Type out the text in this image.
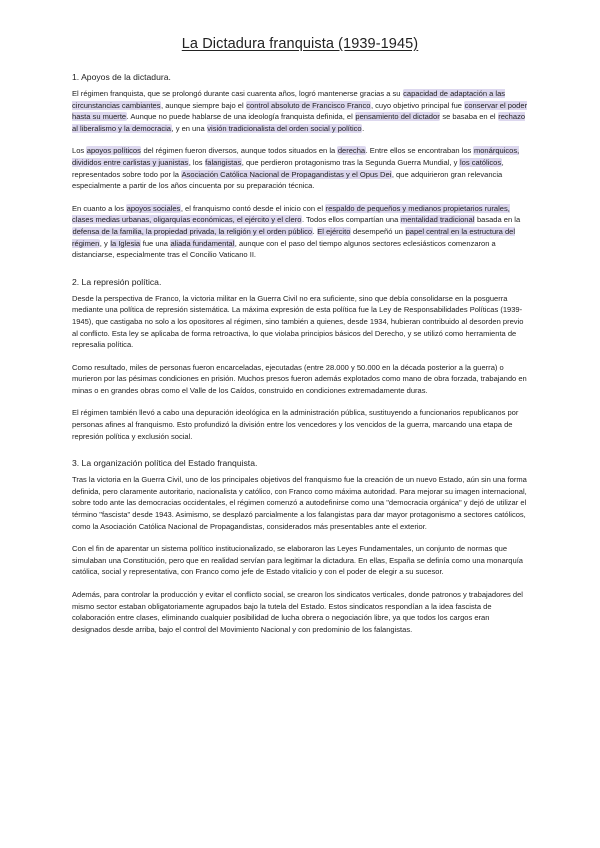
La Dictadura franquista (1939-1945)
1. Apoyos de la dictadura.

El régimen franquista, que se prolongó durante casi cuarenta años, logró mantenerse gracias a su capacidad de adaptación a las circunstancias cambiantes, aunque siempre bajo el control absoluto de Francisco Franco, cuyo objetivo principal fue conservar el poder hasta su muerte. Aunque no puede hablarse de una ideología franquista definida, el pensamiento del dictador se basaba en el rechazo al liberalismo y la democracia, y en una visión tradicionalista del orden social y político.

Los apoyos políticos del régimen fueron diversos, aunque todos situados en la derecha. Entre ellos se encontraban los monárquicos, divididos entre carlistas y juanistas, los falangistas, que perdieron protagonismo tras la Segunda Guerra Mundial, y los católicos, representados sobre todo por la Asociación Católica Nacional de Propagandistas y el Opus Dei, que adquirieron gran relevancia especialmente a partir de los años cincuenta por su preparación técnica.

En cuanto a los apoyos sociales, el franquismo contó desde el inicio con el respaldo de pequeños y medianos propietarios rurales, clases medias urbanas, oligarquías económicas, el ejército y el clero. Todos ellos compartían una mentalidad tradicional basada en la defensa de la familia, la propiedad privada, la religión y el orden público. El ejército desempeñó un papel central en la estructura del régimen, y la Iglesia fue una aliada fundamental, aunque con el paso del tiempo algunos sectores eclesiásticos comenzaron a distanciarse, especialmente tras el Concilio Vaticano II.

2. La represión política.

Desde la perspectiva de Franco, la victoria militar en la Guerra Civil no era suficiente, sino que debía consolidarse en la posguerra mediante una política de represión sistemática. La máxima expresión de esta política fue la Ley de Responsabilidades Políticas (1939-1945), que castigaba no solo a los opositores al régimen, sino también a quienes, desde 1934, hubieran contribuido al desorden previo al conflicto. Esta ley se aplicaba de forma retroactiva, lo que violaba principios básicos del Derecho, y se utilizó como herramienta de represalia política.

Como resultado, miles de personas fueron encarceladas, ejecutadas (entre 28.000 y 50.000 en la década posterior a la guerra) o murieron por las pésimas condiciones en prisión. Muchos presos fueron además explotados como mano de obra forzada, trabajando en minas o en grandes obras como el Valle de los Caídos, construido en condiciones extremadamente duras.

El régimen también llevó a cabo una depuración ideológica en la administración pública, sustituyendo a funcionarios republicanos por personas afines al franquismo. Esto profundizó la división entre los vencedores y los vencidos de la guerra, marcando una etapa de represión política y exclusión social.

3. La organización política del Estado franquista.

Tras la victoria en la Guerra Civil, uno de los principales objetivos del franquismo fue la creación de un nuevo Estado, aún sin una forma definida, pero claramente autoritario, nacionalista y católico, con Franco como máxima autoridad. Para mejorar su imagen internacional, sobre todo ante las democracias occidentales, el régimen comenzó a autodefinirse como una "democracia orgánica" y dejó de utilizar el término "fascista" desde 1943. Asimismo, se desplazó parcialmente a los falangistas para dar mayor protagonismo a sectores católicos, como la Asociación Católica Nacional de Propagandistas, considerados más presentables ante el exterior.

Con el fin de aparentar un sistema político institucionalizado, se elaboraron las Leyes Fundamentales, un conjunto de normas que simulaban una Constitución, pero que en realidad servían para legitimar la dictadura. En ellas, España se definía como una monarquía católica, social y representativa, con Franco como jefe de Estado vitalicio y con el poder de elegir a su sucesor.

Además, para controlar la producción y evitar el conflicto social, se crearon los sindicatos verticales, donde patronos y trabajadores del mismo sector estaban obligatoriamente agrupados bajo la tutela del Estado. Estos sindicatos respondían a la idea fascista de colaboración entre clases, eliminando cualquier posibilidad de lucha obrera o negociación libre, ya que todos los cargos eran designados desde arriba, bajo el control del Movimiento Nacional y con predominio de los falangistas.
